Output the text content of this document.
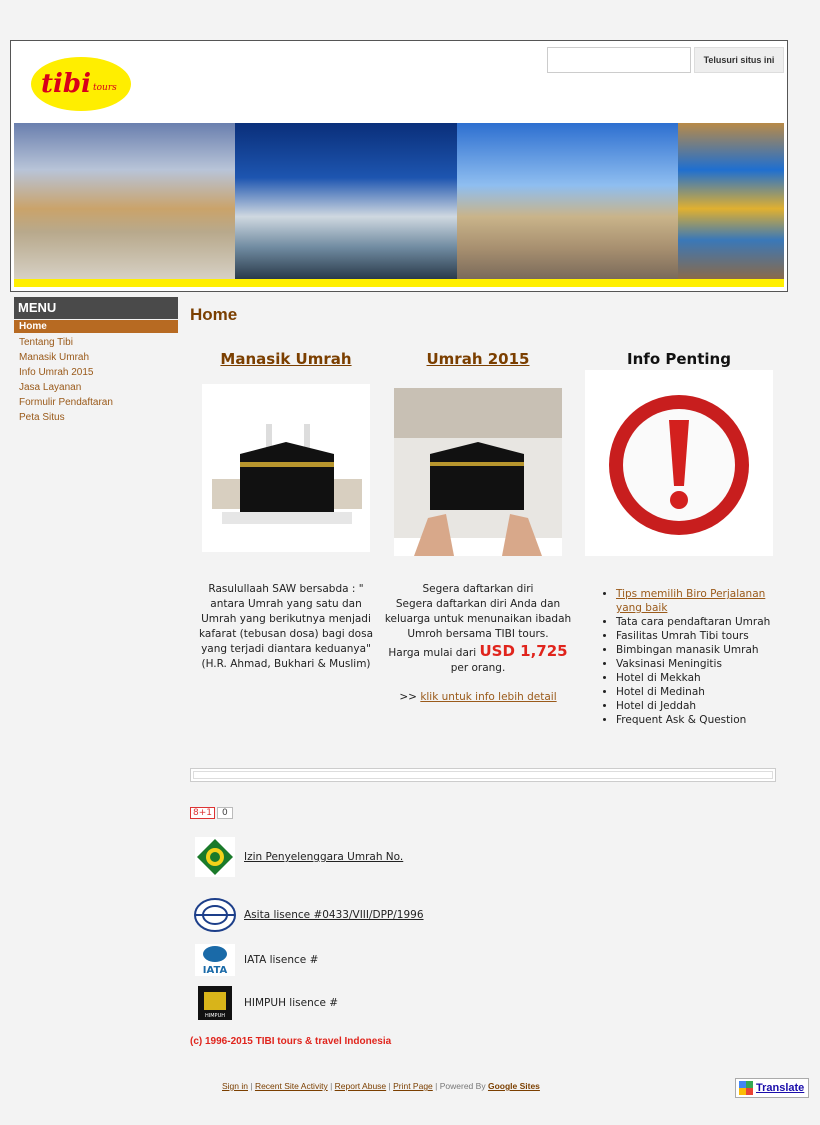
tibi tours
Telusuri situs ini
MENU
Home
Tentang Tibi
Manasik Umrah
Info Umrah 2015
Jasa Layanan
Formulir Pendaftaran
Peta Situs
Home
Manasik Umrah
Rasulullaah SAW bersabda : " antara Umrah yang satu dan Umrah yang berikutnya menjadi kafarat (tebusan dosa) bagi dosa yang terjadi diantara keduanya" (H.R. Ahmad, Bukhari & Muslim)
Umrah 2015
Segera daftarkan diri
Segera daftarkan diri Anda dan keluarga untuk menunaikan ibadah Umroh bersama TIBI tours.
Harga mulai dari USD 1,725
per orang.
>> klik untuk info lebih detail
Info Penting
• Tips memilih Biro Perjalanan yang baik
• Tata cara pendaftaran Umrah
• Fasilitas Umrah Tibi tours
• Bimbingan manasik Umrah
• Vaksinasi Meningitis
• Hotel di Mekkah
• Hotel di Medinah
• Hotel di Jeddah
• Frequent Ask & Question
8+1	0
Izin Penyelenggara Umrah No.
Asita lisence #0433/VIII/DPP/1996
IATA
IATA lisence #
HIMPUH
HIMPUH lisence #
(c) 1996-2015 TIBI tours & travel Indonesia
Sign in | Recent Site Activity | Report Abuse | Print Page | Powered By Google Sites	Translate
